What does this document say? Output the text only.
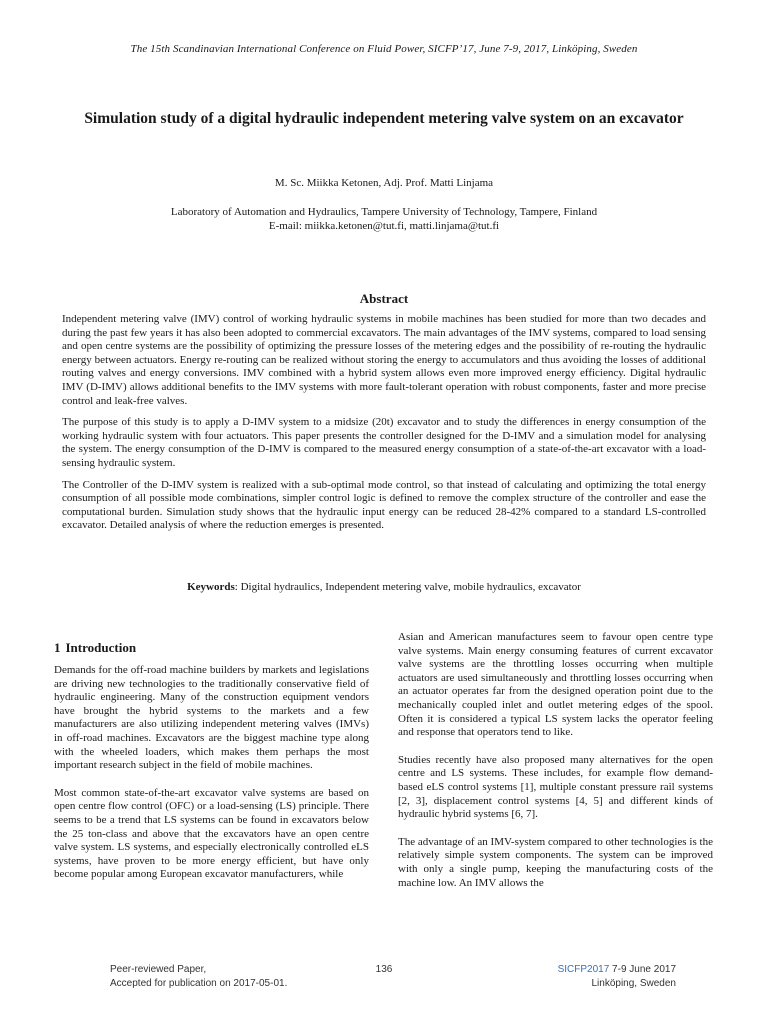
The 15th Scandinavian International Conference on Fluid Power, SICFP’17, June 7-9, 2017, Linköping, Sweden
Simulation study of a digital hydraulic independent metering valve system on an excavator
M. Sc. Miikka Ketonen, Adj. Prof. Matti Linjama
Laboratory of Automation and Hydraulics, Tampere University of Technology, Tampere, Finland
E-mail: miikka.ketonen@tut.fi, matti.linjama@tut.fi
Abstract

Independent metering valve (IMV) control of working hydraulic systems in mobile machines has been studied for more than two decades and during the past few years it has also been adopted to commercial excavators. The main advantages of the IMV systems, compared to load sensing and open centre systems are the possibility of optimizing the pressure losses of the metering edges and the possibility of re-routing the hydraulic energy between actuators. Energy re-routing can be realized without storing the energy to accumulators and thus avoiding the losses of additional routing valves and energy conversions. IMV combined with a hybrid system allows even more improved energy efficiency. Digital hydraulic IMV (D-IMV) allows additional benefits to the IMV systems with more fault-tolerant operation with robust components, faster and more precise control and leak-free valves.

The purpose of this study is to apply a D-IMV system to a midsize (20t) excavator and to study the differences in energy consumption of the working hydraulic system with four actuators. This paper presents the controller designed for the D-IMV and a simulation model for analysing the system. The energy consumption of the D-IMV is compared to the measured energy consumption of a state-of-the-art excavator with a load-sensing hydraulic system.

The Controller of the D-IMV system is realized with a sub-optimal mode control, so that instead of calculating and optimizing the total energy consumption of all possible mode combinations, simpler control logic is defined to remove the complex structure of the controller and ease the computational burden. Simulation study shows that the hydraulic input energy can be reduced 28-42% compared to a standard LS-controlled excavator. Detailed analysis of where the reduction emerges is presented.

Keywords: Digital hydraulics, Independent metering valve, mobile hydraulics, excavator
1 Introduction

Demands for the off-road machine builders by markets and legislations are driving new technologies to the traditionally conservative field of hydraulic engineering. Many of the construction equipment vendors have brought the hybrid systems to the markets and a few manufacturers are also utilizing independent metering valves (IMVs) in off-road machines. Excavators are the biggest machine type along with the wheeled loaders, which makes them perhaps the most important research subject in the field of mobile machines.

Most common state-of-the-art excavator valve systems are based on open centre flow control (OFC) or a load-sensing (LS) principle. There seems to be a trend that LS systems can be found in excavators below the 25 ton-class and above that the excavators have an open centre valve system. LS systems, and especially electronically controlled eLS systems, have proven to be more energy efficient, but have only become popular among European excavator manufacturers, while

Asian and American manufactures seem to favour open centre type valve systems. Main energy consuming features of current excavator valve systems are the throttling losses occurring when multiple actuators are used simultaneously and throttling losses occurring when an actuator operates far from the designed operation point due to the mechanically coupled inlet and outlet metering edges of the spool. Often it is considered a typical LS system lacks the operator feeling and response that operators tend to like.

Studies recently have also proposed many alternatives for the open centre and LS systems. These includes, for example flow demand-based eLS control systems [1], multiple constant pressure rail systems [2, 3], displacement control systems [4, 5] and different kinds of hydraulic hybrid systems [6, 7].

The advantage of an IMV-system compared to other technologies is the relatively simple system components. The system can be improved with only a single pump, keeping the manufacturing costs of the machine low. An IMV allows the

Peer-reviewed Paper,
Accepted for publication on 2017-05-01.
136	SICFP2017 7-9 June 2017
Linköping, Sweden
